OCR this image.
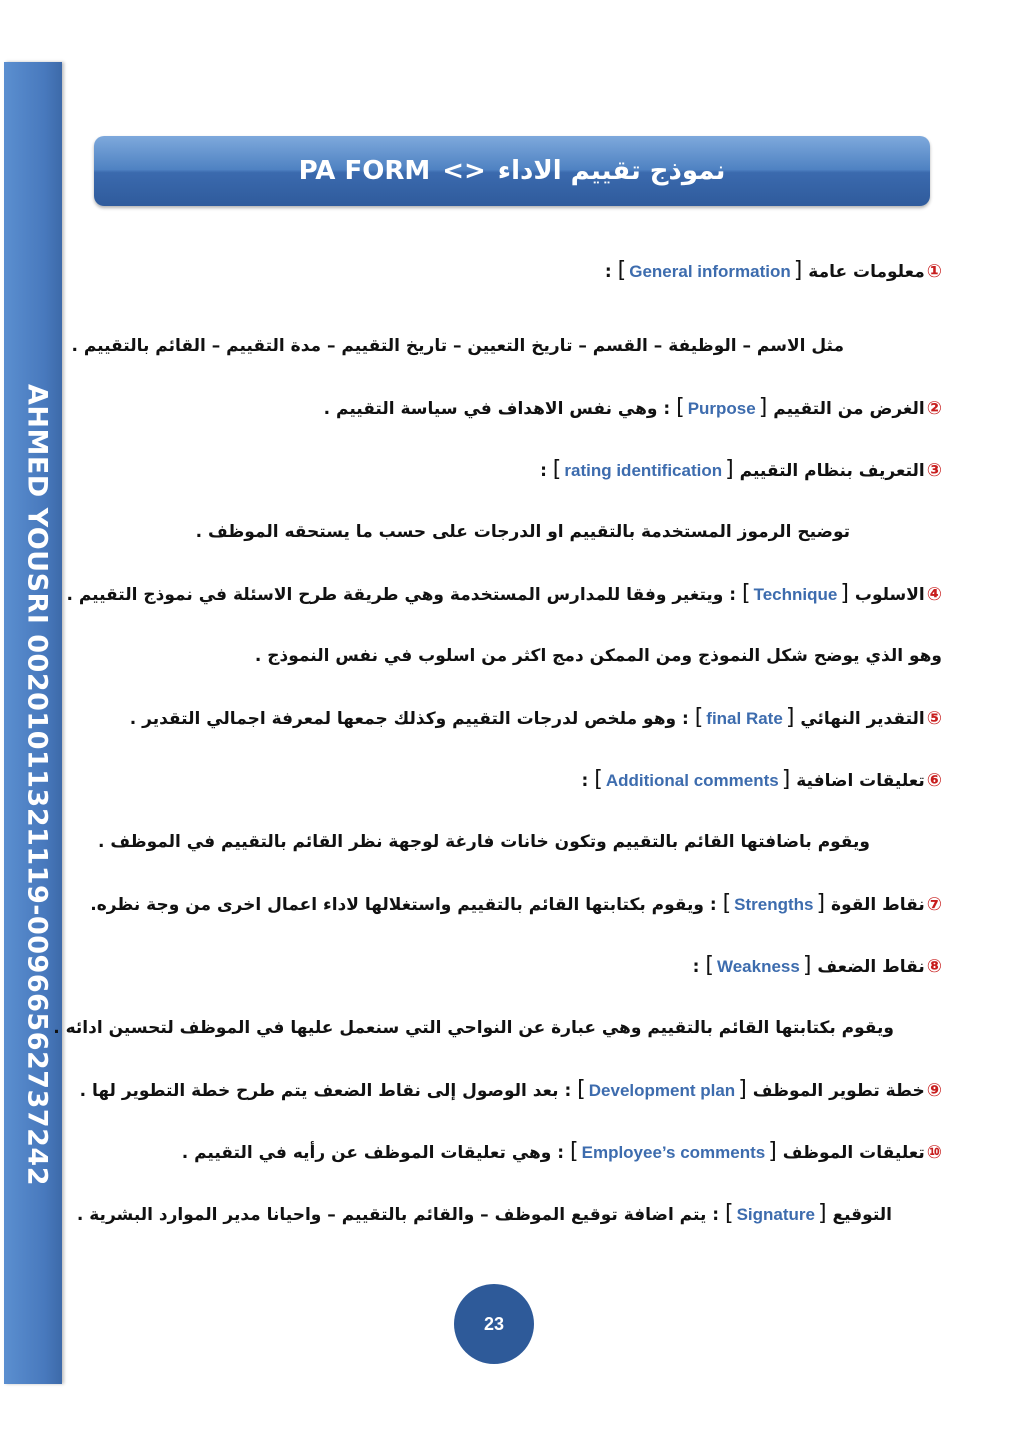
AHMED YOUSRI 00201011321119-00966562737242
PA FORM <> نموذج تقييم الاداء
①معلومات عامة [General information] :
مثل الاسم – الوظيفة – القسم – تاريخ التعيين – تاريخ التقييم – مدة التقييم – القائم بالتقييم .
②الغرض من التقييم [Purpose] : وهي نفس الاهداف في سياسة التقييم .
③التعريف بنظام التقييم [rating identification] :
توضيح الرموز المستخدمة بالتقييم او الدرجات على حسب ما يستحقه الموظف .
④الاسلوب [Technique] : ويتغير وفقا للمدارس المستخدمة وهي طريقة طرح الاسئلة في نموذج التقييم .
وهو الذي يوضح شكل النموذج ومن الممكن دمج اكثر من اسلوب في نفس النموذج .
⑤التقدير النهائي [final Rate] : وهو ملخص لدرجات التقييم وكذلك جمعها لمعرفة اجمالي التقدير .
⑥تعليقات اضافية [Additional comments] :
ويقوم باضافتها القائم بالتقييم وتكون خانات فارغة لوجهة نظر القائم بالتقييم في الموظف .
⑦نقاط القوة [Strengths] : ويقوم بكتابتها القائم بالتقييم واستغلالها لاداء اعمال اخرى من وجة نظره.
⑧نقاط الضعف [Weakness] :
ويقوم بكتابتها القائم بالتقييم وهي عبارة عن النواحي التي سنعمل عليها في الموظف لتحسين ادائه .
⑨خطة تطوير الموظف [Development plan] : بعد الوصول إلى نقاط الضعف يتم طرح خطة التطوير لها .
⑩تعليقات الموظف [Employee’s comments] : وهي تعليقات الموظف عن رأيه في التقييم .
التوقيع [Signature] : يتم اضافة توقيع الموظف – والقائم بالتقييم – واحيانا مدير الموارد البشرية .
23
